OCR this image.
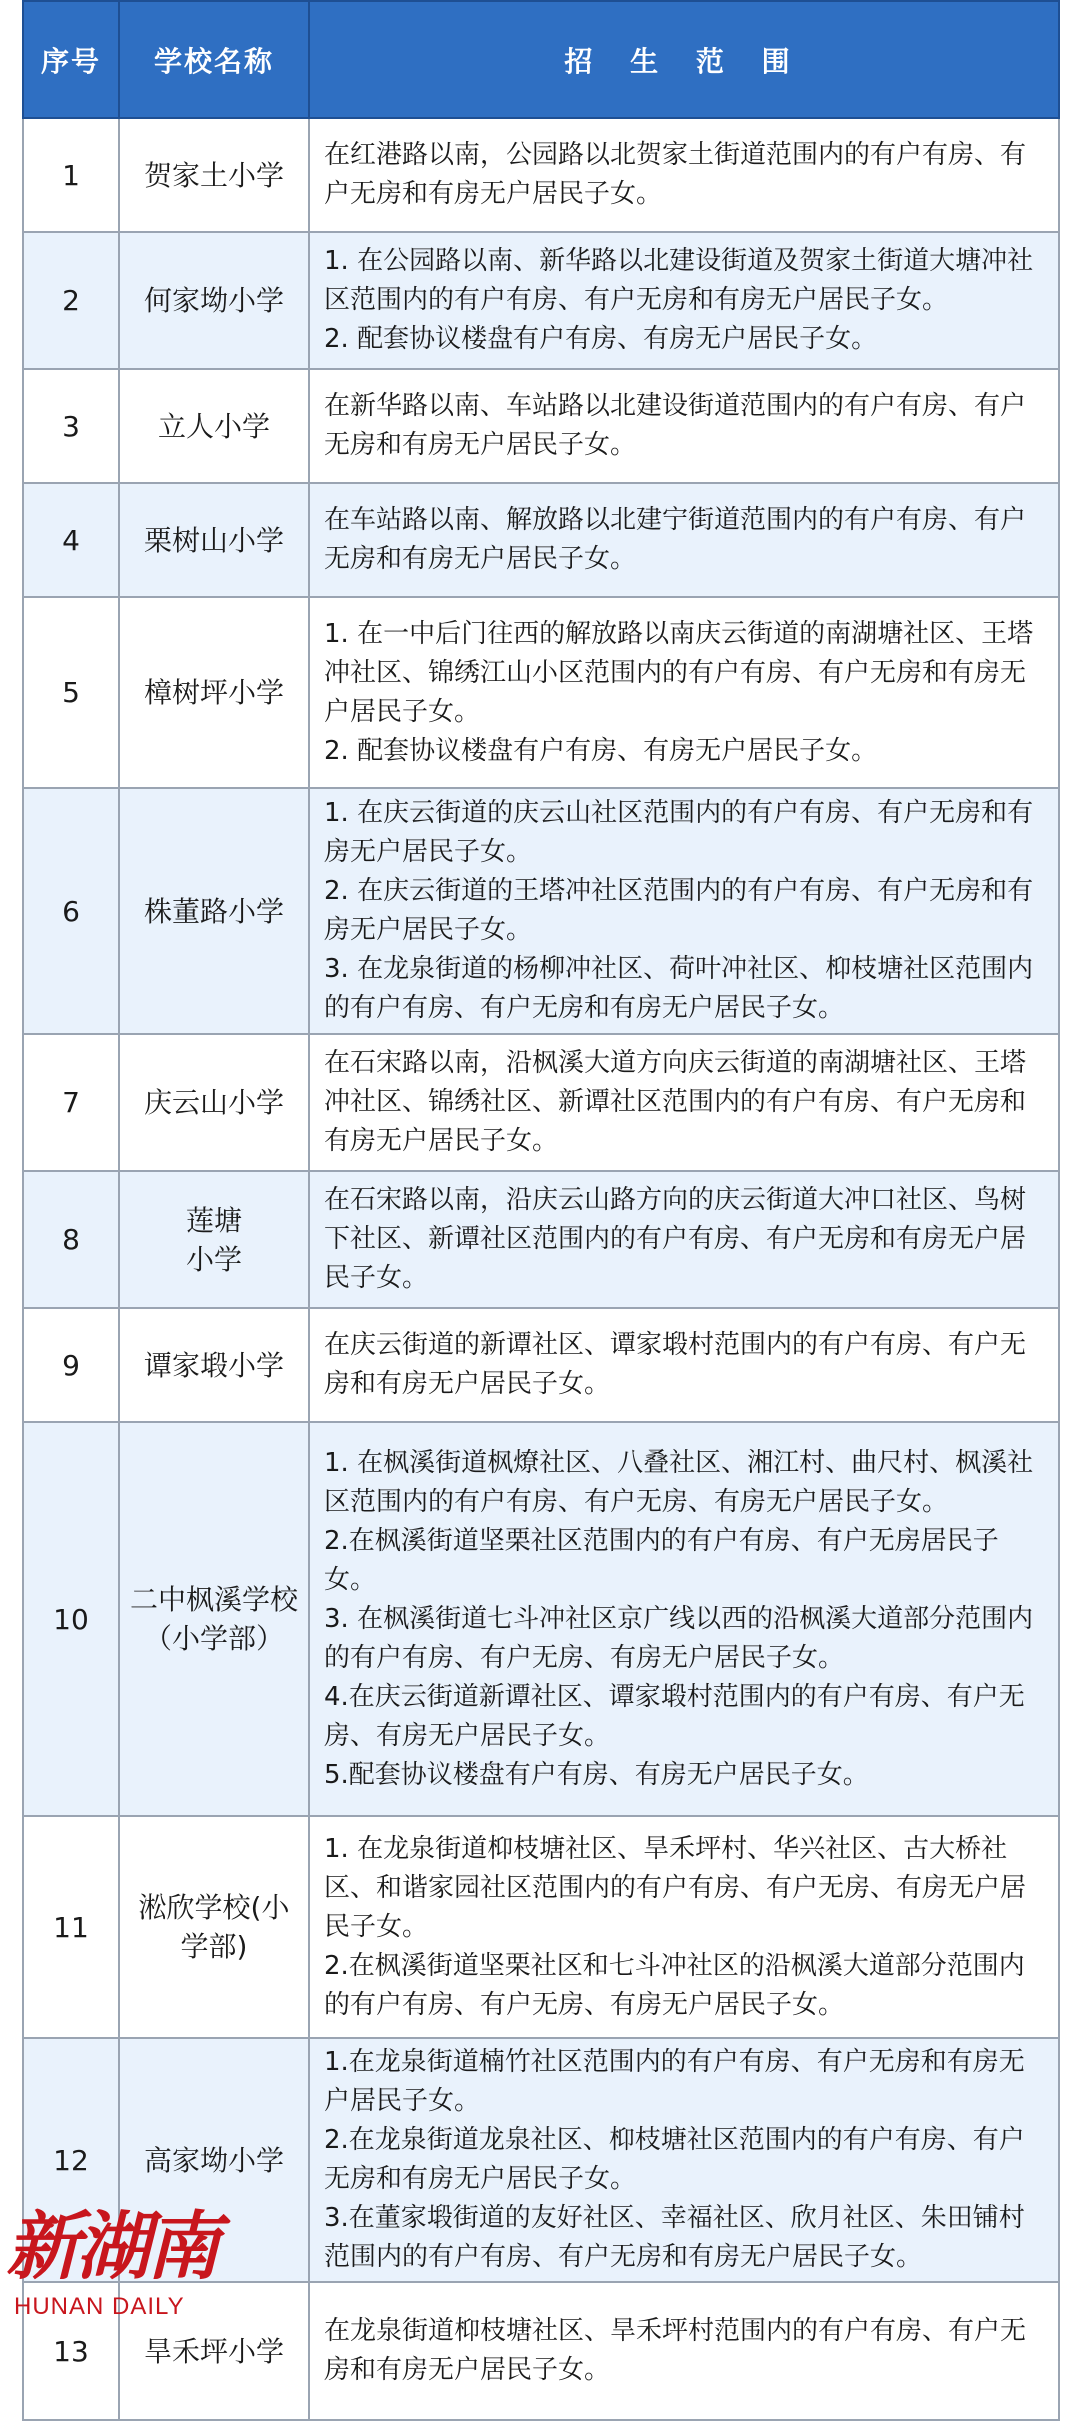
序号	学校名称	招 生 范 围
1	贺家土小学	在红港路以南，公园路以北贺家土街道范围内的有户有房、有户无房和有房无户居民子女。

2	何家坳小学	1. 在公园路以南、新华路以北建设街道及贺家土街道大塘冲社区范围内的有户有房、有户无房和有房无户居民子女。
2. 配套协议楼盘有户有房、有房无户居民子女。

3	立人小学	在新华路以南、车站路以北建设街道范围内的有户有房、有户无房和有房无户居民子女。

4	栗树山小学	在车站路以南、解放路以北建宁街道范围内的有户有房、有户无房和有房无户居民子女。

5	樟树坪小学	1. 在一中后门往西的解放路以南庆云街道的南湖塘社区、王塔冲社区、锦绣江山小区范围内的有户有房、有户无房和有房无户居民子女。
2. 配套协议楼盘有户有房、有房无户居民子女。

6	株董路小学	1. 在庆云街道的庆云山社区范围内的有户有房、有户无房和有房无户居民子女。
2. 在庆云街道的王塔冲社区范围内的有户有房、有户无房和有房无户居民子女。
3. 在龙泉街道的杨柳冲社区、荷叶冲社区、枊枝塘社区范围内的有户有房、有户无房和有房无户居民子女。

7	庆云山小学	在石宋路以南，沿枫溪大道方向庆云街道的南湖塘社区、王塔冲社区、锦绣社区、新谭社区范围内的有户有房、有户无房和有房无户居民子女。

8	莲塘
小学	在石宋路以南，沿庆云山路方向的庆云街道大冲口社区、鸟树下社区、新谭社区范围内的有户有房、有户无房和有房无户居民子女。

9	谭家塅小学	在庆云街道的新谭社区、谭家塅村范围内的有户有房、有户无房和有房无户居民子女。

10	二中枫溪学校（小学部）	1. 在枫溪街道枫燎社区、八叠社区、湘江村、曲尺村、枫溪社区范围内的有户有房、有户无房、有房无户居民子女。
2.在枫溪街道坚栗社区范围内的有户有房、有户无房居民子女。
3. 在枫溪街道七斗冲社区京广线以西的沿枫溪大道部分范围内的有户有房、有户无房、有房无户居民子女。
4.在庆云街道新谭社区、谭家塅村范围内的有户有房、有户无房、有房无户居民子女。
5.配套协议楼盘有户有房、有房无户居民子女。

11	淞欣学校(小学部)	1. 在龙泉街道枊枝塘社区、旱禾坪村、华兴社区、古大桥社区、和谐家园社区范围内的有户有房、有户无房、有房无户居民子女。
2.在枫溪街道坚栗社区和七斗冲社区的沿枫溪大道部分范围内的有户有房、有户无房、有房无户居民子女。

12	高家坳小学	1.在龙泉街道楠竹社区范围内的有户有房、有户无房和有房无户居民子女。
2.在龙泉街道龙泉社区、枊枝塘社区范围内的有户有房、有户无房和有房无户居民子女。
3.在董家塅街道的友好社区、幸福社区、欣月社区、朱田铺村范围内的有户有房、有户无房和有房无户居民子女。

13	旱禾坪小学	在龙泉街道枊枝塘社区、旱禾坪村范围内的有户有房、有户无房和有房无户居民子女。
新湖南
HUNAN DAILY
